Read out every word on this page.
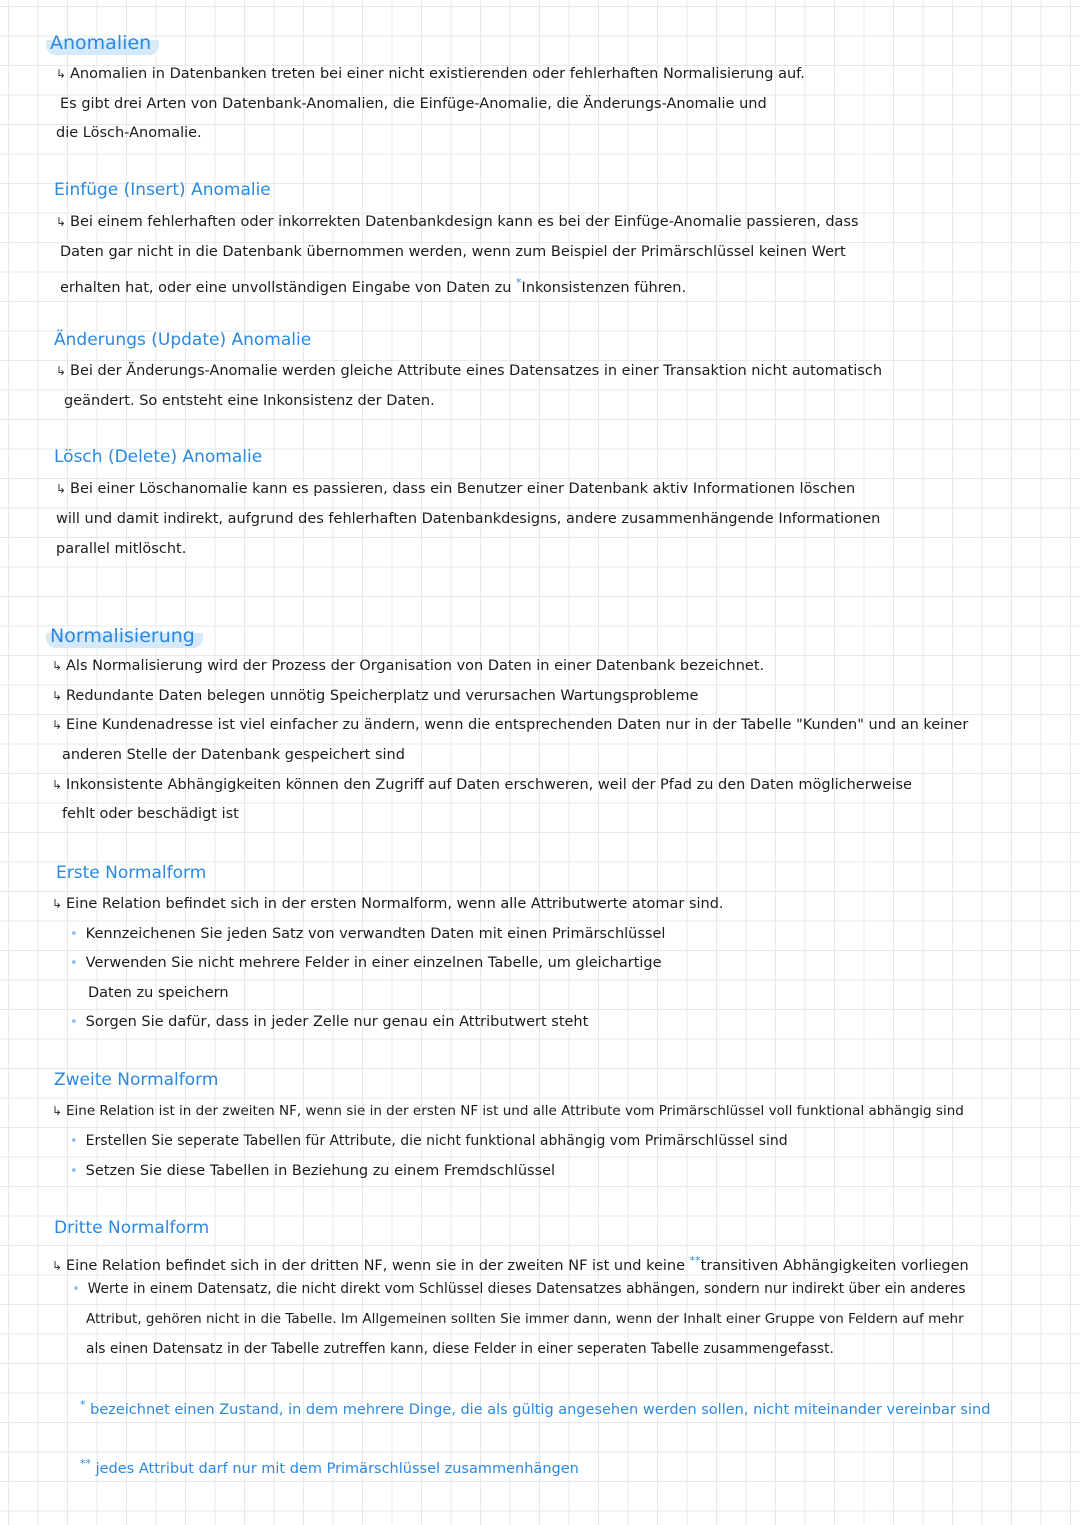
Anomalien
↳ Anomalien in Datenbanken treten bei einer nicht existierenden oder fehlerhaften Normalisierung auf.
Es gibt drei Arten von Datenbank-Anomalien, die Einfüge-Anomalie, die Änderungs-Anomalie und
die Lösch-Anomalie.
Einfüge (Insert) Anomalie
↳ Bei einem fehlerhaften oder inkorrekten Datenbankdesign kann es bei der Einfüge-Anomalie passieren, dass
Daten gar nicht in die Datenbank übernommen werden, wenn zum Beispiel der Primärschlüssel keinen Wert
erhalten hat, oder eine unvollständigen Eingabe von Daten zu *Inkonsistenzen führen.
Änderungs (Update) Anomalie
↳ Bei der Änderungs-Anomalie werden gleiche Attribute eines Datensatzes in einer Transaktion nicht automatisch
geändert. So entsteht eine Inkonsistenz der Daten.
Lösch (Delete) Anomalie
↳ Bei einer Löschanomalie kann es passieren, dass ein Benutzer einer Datenbank aktiv Informationen löschen
will und damit indirekt, aufgrund des fehlerhaften Datenbankdesigns, andere zusammenhängende Informationen
parallel mitlöscht.
Normalisierung
↳ Als Normalisierung wird der Prozess der Organisation von Daten in einer Datenbank bezeichnet.
↳ Redundante Daten belegen unnötig Speicherplatz und verursachen Wartungsprobleme
↳ Eine Kundenadresse ist viel einfacher zu ändern, wenn die entsprechenden Daten nur in der Tabelle "Kunden" und an keiner
anderen Stelle der Datenbank gespeichert sind
↳ Inkonsistente Abhängigkeiten können den Zugriff auf Daten erschweren, weil der Pfad zu den Daten möglicherweise
fehlt oder beschädigt ist
Erste Normalform
↳ Eine Relation befindet sich in der ersten Normalform, wenn alle Attributwerte atomar sind.
• Kennzeichenen Sie jeden Satz von verwandten Daten mit einen Primärschlüssel
• Verwenden Sie nicht mehrere Felder in einer einzelnen Tabelle, um gleichartige
Daten zu speichern
• Sorgen Sie dafür, dass in jeder Zelle nur genau ein Attributwert steht
Zweite Normalform
↳ Eine Relation ist in der zweiten NF, wenn sie in der ersten NF ist und alle Attribute vom Primärschlüssel voll funktional abhängig sind
• Erstellen Sie seperate Tabellen für Attribute, die nicht funktional abhängig vom Primärschlüssel sind
• Setzen Sie diese Tabellen in Beziehung zu einem Fremdschlüssel
Dritte Normalform
↳ Eine Relation befindet sich in der dritten NF, wenn sie in der zweiten NF ist und keine **transitiven Abhängigkeiten vorliegen
• Werte in einem Datensatz, die nicht direkt vom Schlüssel dieses Datensatzes abhängen, sondern nur indirekt über ein anderes
Attribut, gehören nicht in die Tabelle. Im Allgemeinen sollten Sie immer dann, wenn der Inhalt einer Gruppe von Feldern auf mehr
als einen Datensatz in der Tabelle zutreffen kann, diese Felder in einer seperaten Tabelle zusammengefasst.
* bezeichnet einen Zustand, in dem mehrere Dinge, die als gültig angesehen werden sollen, nicht miteinander vereinbar sind
** jedes Attribut darf nur mit dem Primärschlüssel zusammenhängen
